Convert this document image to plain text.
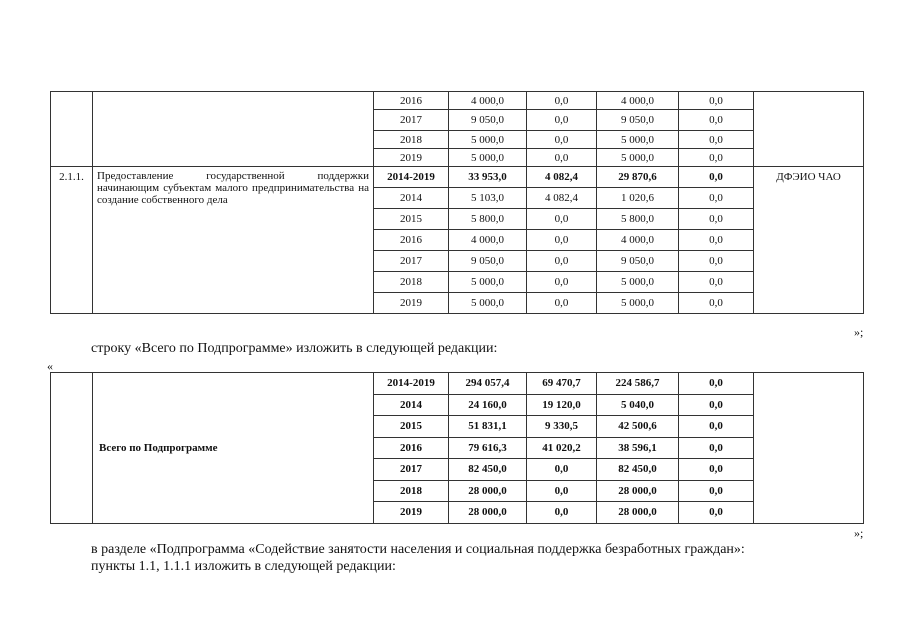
		2016	4 000,0	0,0	4 000,0	0,0	
		2017	9 050,0	0,0	9 050,0	0,0	
		2018	5 000,0	0,0	5 000,0	0,0	
		2019	5 000,0	0,0	5 000,0	0,0	
2.1.1.	Предоставление государственной поддержки начинающим субъектам малого предпринимательства на создание собственного дела	2014-2019	33 953,0	4 082,4	29 870,6	0,0	ДФЭИО ЧАО
		2014	5 103,0	4 082,4	1 020,6	0,0	
		2015	5 800,0	0,0	5 800,0	0,0	
		2016	4 000,0	0,0	4 000,0	0,0	
		2017	9 050,0	0,0	9 050,0	0,0	
		2018	5 000,0	0,0	5 000,0	0,0	
		2019	5 000,0	0,0	5 000,0	0,0	
»;
строку «Всего по Подпрограмме» изложить в следующей редакции:
«
	Всего по Подпрограмме	2014-2019	294 057,4	69 470,7	224 586,7	0,0	
		2014	24 160,0	19 120,0	5 040,0	0,0	
		2015	51 831,1	9 330,5	42 500,6	0,0	
		2016	79 616,3	41 020,2	38 596,1	0,0	
		2017	82 450,0	0,0	82 450,0	0,0	
		2018	28 000,0	0,0	28 000,0	0,0	
		2019	28 000,0	0,0	28 000,0	0,0	
»;
в разделе «Подпрограмма «Содействие занятости населения и социальная поддержка безработных граждан»:
пункты 1.1, 1.1.1 изложить в следующей редакции:
